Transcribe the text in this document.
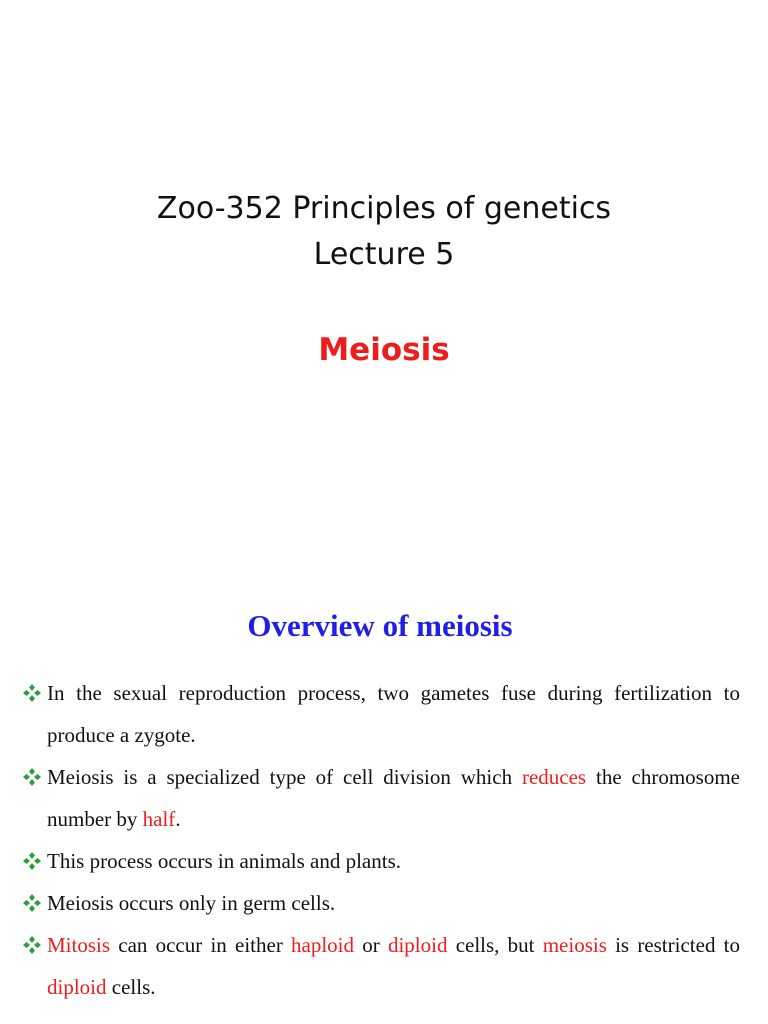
Zoo-352 Principles of genetics
Lecture 5
Meiosis
Overview of meiosis
In the sexual reproduction process, two gametes fuse during fertilization to produce a zygote.
Meiosis is a specialized type of cell division which reduces the chromosome number by half.
This process occurs in animals and plants.
Meiosis occurs only in germ cells.
Mitosis can occur in either haploid or diploid cells, but meiosis is restricted to diploid cells.
